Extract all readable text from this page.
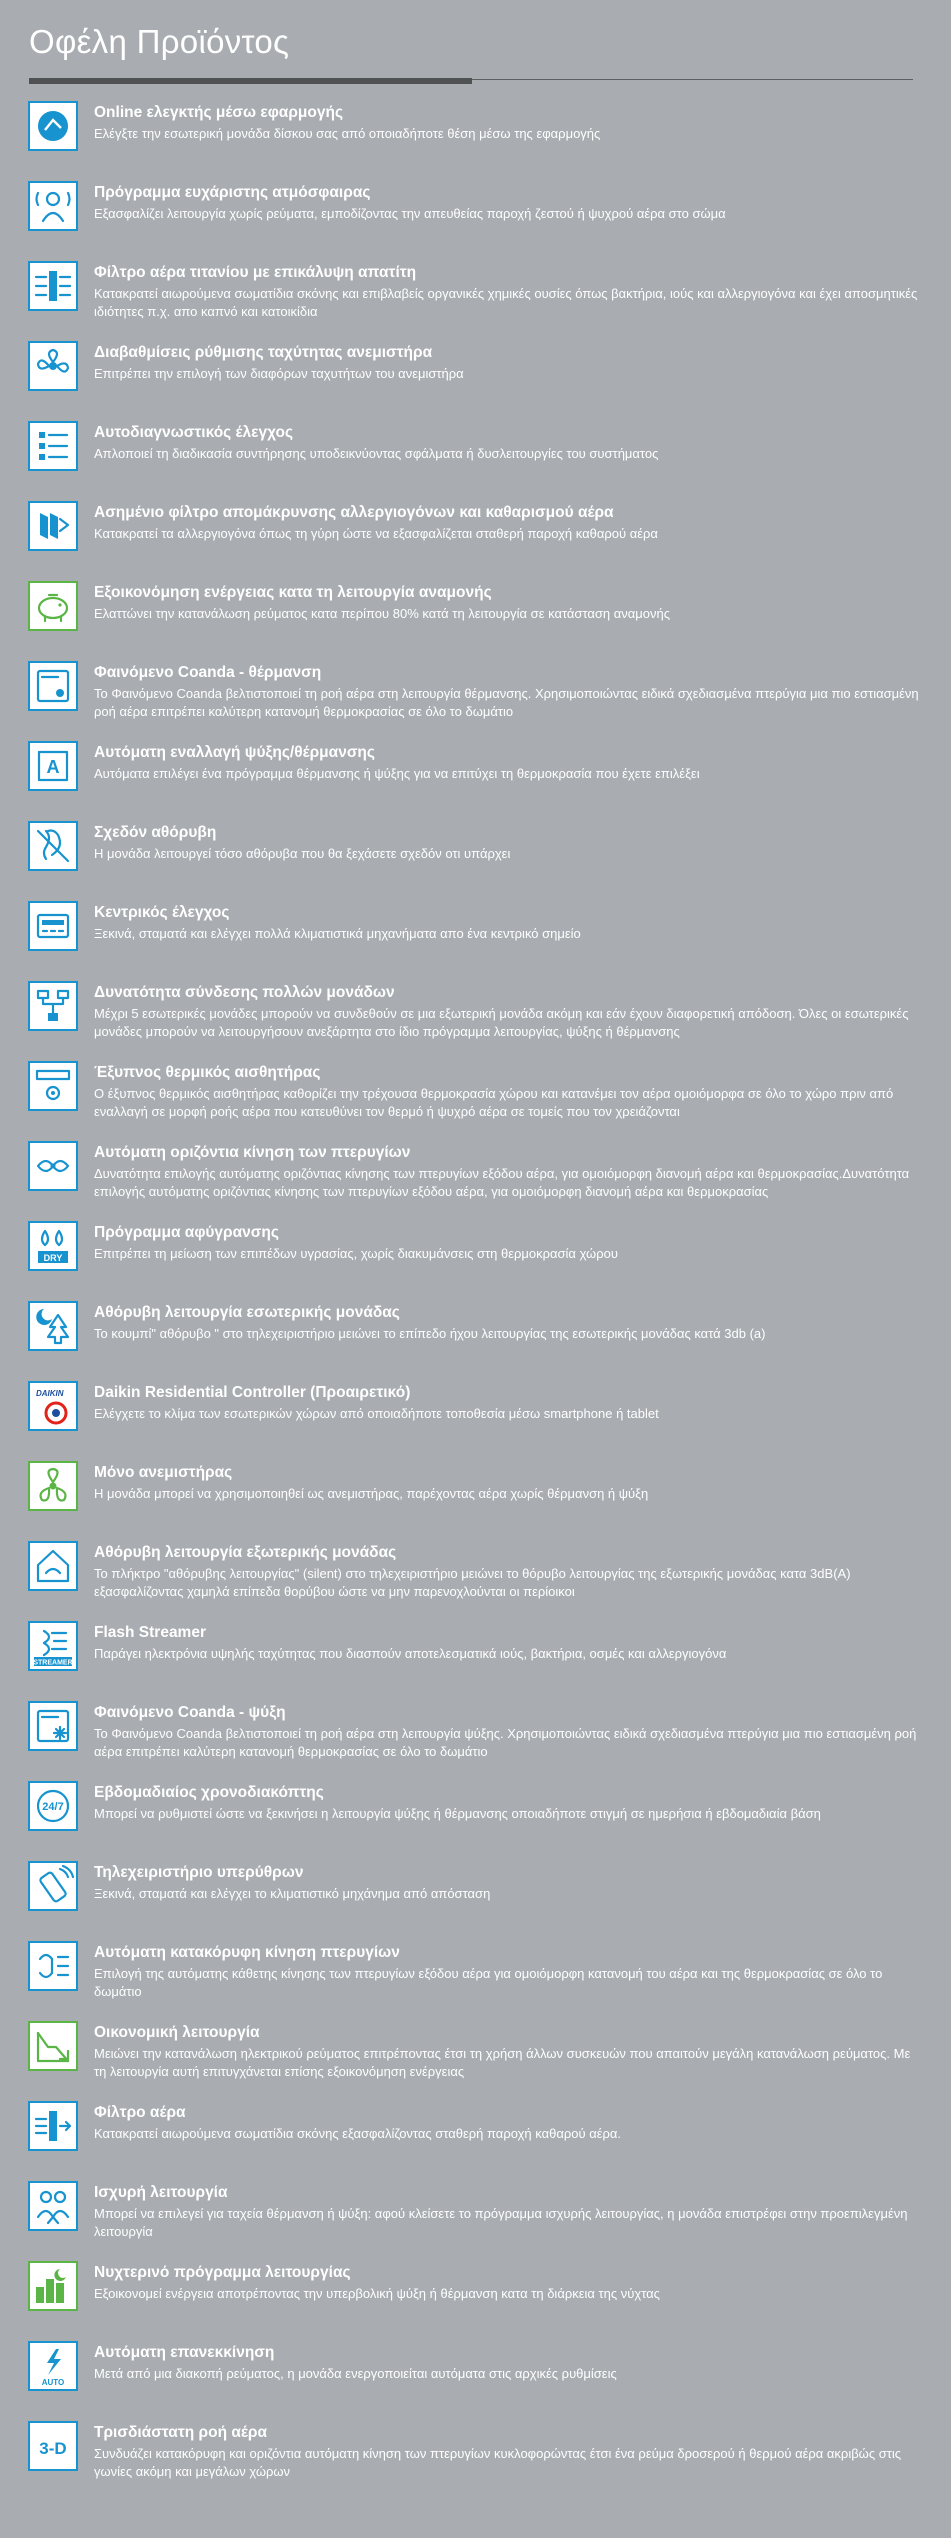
Οφέλη Προϊόντος
Online ελεγκτής μέσω εφαρμογής
Ελέγξτε την εσωτερική μονάδα δίσκου σας από οποιαδήποτε θέση μέσω της εφαρμογής
Πρόγραμμα ευχάριστης ατμόσφαιρας
Εξασφαλίζει λειτουργία χωρίς ρεύματα, εμποδίζοντας την απευθείας παροχή ζεστού ή ψυχρού αέρα στο σώμα
Φίλτρο αέρα τιτανίου με επικάλυψη απατίτη
Κατακρατεί αιωρούμενα σωματίδια σκόνης και επιβλαβείς οργανικές χημικές ουσίες όπως βακτήρια, ιούς και αλλεργιογόνα και έχει αποσμητικές ιδιότητες π.χ. απο καπνό και κατοικίδια
Διαβαθμίσεις ρύθμισης ταχύτητας ανεμιστήρα
Επιτρέπει την επιλογή των διαφόρων ταχυτήτων του ανεμιστήρα
Αυτοδιαγνωστικός έλεγχος
Απλοποιεί τη διαδικασία συντήρησης υποδεικνύοντας σφάλματα ή δυσλειτουργίες του συστήματος
Ασημένιο φίλτρο απομάκρυνσης αλλεργιογόνων και καθαρισμού αέρα
Κατακρατεί τα αλλεργιογόνα όπως τη γύρη ώστε να εξασφαλίζεται σταθερή παροχή καθαρού αέρα
Εξοικονόμηση ενέργειας κατα τη λειτουργία αναμονής
Ελαττώνει την κατανάλωση ρεύματος κατα περίπου 80% κατά τη λειτουργία σε κατάσταση αναμονής
Φαινόμενο Coanda - θέρμανση
Το Φαινόμενο Coanda βελτιστοποιεί τη ροή αέρα στη λειτουργία θέρμανσης. Χρησιμοποιώντας ειδικά σχεδιασμένα πτερύγια μια πιο εστιασμένη ροή αέρα επιτρέπει καλύτερη κατανομή θερμοκρασίας σε όλο το δωμάτιο
A
Αυτόματη εναλλαγή ψύξης/θέρμανσης
Αυτόματα επιλέγει ένα πρόγραμμα θέρμανσης ή ψύξης για να επιτύχει τη θερμοκρασία που έχετε επιλέξει
Σχεδόν αθόρυβη
Η μονάδα λειτουργεί τόσο αθόρυβα που θα ξεχάσετε σχεδόν οτι υπάρχει
Κεντρικός έλεγχος
Ξεκινά, σταματά και ελέγχει πολλά κλιματιστικά μηχανήματα απο ένα κεντρικό σημείο
Δυνατότητα σύνδεσης πολλών μονάδων
Μέχρι 5 εσωτερικές μονάδες μπορούν να συνδεθούν σε μια εξωτερική μονάδα ακόμη και εάν έχουν διαφορετική απόδοση. Όλες οι εσωτερικές μονάδες μπορούν να λειτουργήσουν ανεξάρτητα στο ίδιο πρόγραμμα λειτουργίας, ψύξης ή θέρμανσης
Έξυπνος θερμικός αισθητήρας
Ο έξυπνος θερμικός αισθητήρας καθορίζει την τρέχουσα θερμοκρασία χώρου και κατανέμει τον αέρα ομοιόμορφα σε όλο το χώρο πριν από εναλλαγή σε μορφή ροής αέρα που κατευθύνει τον θερμό ή ψυχρό αέρα σε τομείς που τον χρειάζονται
Αυτόματη οριζόντια κίνηση των πτερυγίων
Δυνατότητα επιλογής αυτόματης οριζόντιας κίνησης των πτερυγίων εξόδου αέρα, για ομοιόμορφη διανομή αέρα και θερμοκρασίας.Δυνατότητα επιλογής αυτόματης οριζόντιας κίνησης των πτερυγίων εξόδου αέρα, για ομοιόμορφη διανομή αέρα και θερμοκρασίας
DRY
Πρόγραμμα αφύγρανσης
Επιτρέπει τη μείωση των επιπέδων υγρασίας, χωρίς διακυμάνσεις στη θερμοκρασία χώρου
Αθόρυβη λειτουργία εσωτερικής μονάδας
Το κουμπί" αθόρυβο " στο τηλεχειριστήριο μειώνει το επίπεδο ήχου λειτουργίας της εσωτερικής μονάδας κατά 3db (a)
DAIKIN Daikin Residential Controller (Προαιρετικό)
Ελέγχετε το κλίμα των εσωτερικών χώρων από οποιαδήποτε τοποθεσία μέσω smartphone ή tablet
Μόνο ανεμιστήρας
Η μονάδα μπορεί να χρησιμοποιηθεί ως ανεμιστήρας, παρέχοντας αέρα χωρίς θέρμανση ή ψύξη
Αθόρυβη λειτουργία εξωτερικής μονάδας
Το πλήκτρο "αθόρυβης λειτουργίας" (silent) στο τηλεχειριστήριο μειώνει το θόρυβο λειτουργίας της εξωτερικής μονάδας κατα 3dB(A) εξασφαλίζοντας χαμηλά επίπεδα θορύβου ώστε να μην παρενοχλούνται οι περίοικοι
STREAMER
Flash Streamer
Παράγει ηλεκτρόνια υψηλής ταχύτητας που διασπούν αποτελεσματικά ιούς, βακτήρια, οσμές και αλλεργιογόνα
Φαινόμενο Coanda - ψύξη
Το Φαινόμενο Coanda βελτιστοποιεί τη ροή αέρα στη λειτουργία ψύξης. Χρησιμοποιώντας ειδικά σχεδιασμένα πτερύγια μια πιο εστιασμένη ροή αέρα επιτρέπει καλύτερη κατανομή θερμοκρασίας σε όλο το δωμάτιο
24/7
Εβδομαδιαίος χρονοδιακόπτης
Μπορεί να ρυθμιστεί ώστε να ξεκινήσει η λειτουργία ψύξης ή θέρμανσης οποιαδήποτε στιγμή σε ημερήσια ή εβδομαδιαία βάση
Τηλεχειριστήριο υπερύθρων
Ξεκινά, σταματά και ελέγχει το κλιματιστικό μηχάνημα από απόσταση
Αυτόματη κατακόρυφη κίνηση πτερυγίων
Επιλογή της αυτόματης κάθετης κίνησης των πτερυγίων εξόδου αέρα για ομοιόμορφη κατανομή του αέρα και της θερμοκρασίας σε όλο το δωμάτιο
Οικονομική λειτουργία
Μειώνει την κατανάλωση ηλεκτρικού ρεύματος επιτρέποντας έτσι τη χρήση άλλων συσκευών που απαιτούν μεγάλη κατανάλωση ρεύματος. Με τη λειτουργία αυτή επιτυγχάνεται επίσης εξοικονόμηση ενέργειας
Φίλτρο αέρα
Κατακρατεί αιωρούμενα σωματίδια σκόνης εξασφαλίζοντας σταθερή παροχή καθαρού αέρα.
Ισχυρή λειτουργία
Μπορεί να επιλεγεί για ταχεία θέρμανση ή ψύξη: αφού κλείσετε το πρόγραμμα ισχυρής λειτουργίας, η μονάδα επιστρέφει στην προεπιλεγμένη λειτουργία
Νυχτερινό πρόγραμμα λειτουργίας
Εξοικονομεί ενέργεια αποτρέποντας την υπερβολική ψύξη ή θέρμανση κατα τη διάρκεια της νύχτας
AUTO
Αυτόματη επανεκκίνηση
Μετά από μια διακοπή ρεύματος, η μονάδα ενεργοποιείται αυτόματα στις αρχικές ρυθμίσεις
3-D
Τρισδιάστατη ροή αέρα
Συνδυάζει κατακόρυφη και οριζόντια αυτόματη κίνηση των πτερυγίων κυκλοφορώντας έτσι ένα ρεύμα δροσερού ή θερμού αέρα ακριβώς στις γωνίες ακόμη και μεγάλων χώρων
